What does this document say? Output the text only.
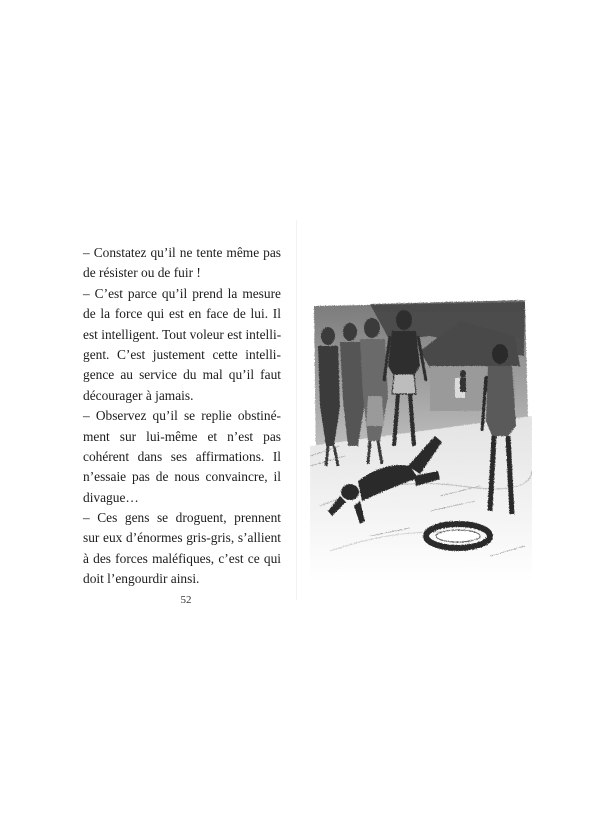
– Constatez qu’il ne tente même pas
de résister ou de fuir !
– C’est parce qu’il prend la mesure
de la force qui est en face de lui. Il
est intelligent. Tout voleur est intelli-
gent. C’est justement cette intelli-
gence au service du mal qu’il faut
décourager à jamais.
– Observez qu’il se replie obstiné-
ment sur lui-même et n’est pas
cohérent dans ses affirmations. Il
n’essaie pas de nous convaincre, il
divague…
– Ces gens se droguent, prennent
sur eux d’énormes gris-gris, s’allient
à des forces maléfiques, c’est ce qui
doit l’engourdir ainsi.
52
